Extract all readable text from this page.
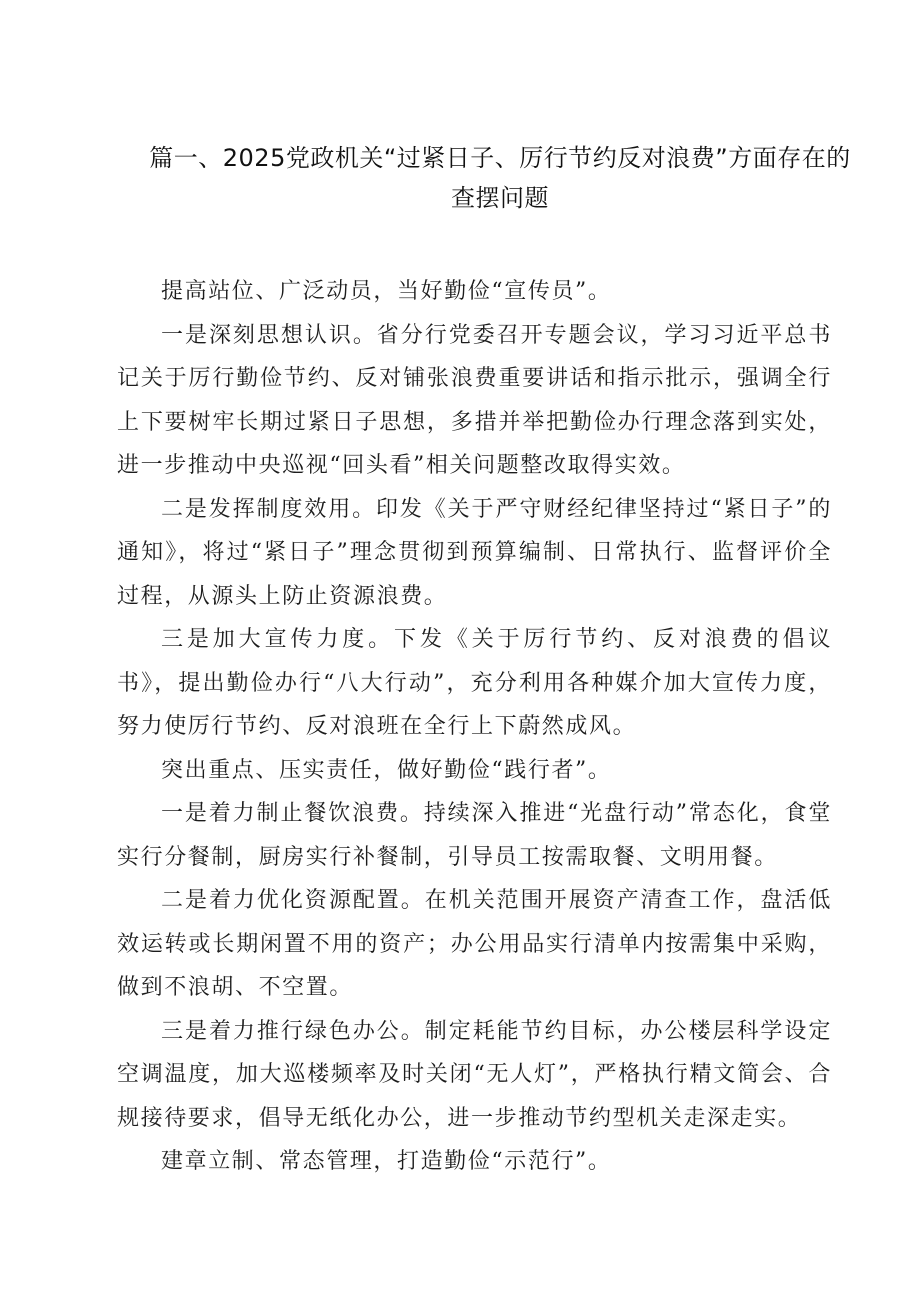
篇一、2025党政机关“过紧日子、厉行节约反对浪费”方面存在的
查摆问题

提高站位、广泛动员，当好勤俭“宣传员”。

一是深刻思想认识。省分行党委召开专题会议，学习习近平总书记关于厉行勤俭节约、反对铺张浪费重要讲话和指示批示，强调全行上下要树牢长期过紧日子思想，多措并举把勤俭办行理念落到实处，进一步推动中央巡视“回头看”相关问题整改取得实效。

二是发挥制度效用。印发《关于严守财经纪律坚持过“紧日子”的通知》，将过“紧日子”理念贯彻到预算编制、日常执行、监督评价全过程，从源头上防止资源浪费。

三是加大宣传力度。下发《关于厉行节约、反对浪费的倡议书》，提出勤俭办行“八大行动”，充分利用各种媒介加大宣传力度，努力使厉行节约、反对浪班在全行上下蔚然成风。

突出重点、压实责任，做好勤俭“践行者”。

一是着力制止餐饮浪费。持续深入推进“光盘行动”常态化，食堂实行分餐制，厨房实行补餐制，引导员工按需取餐、文明用餐。

二是着力优化资源配置。在机关范围开展资产清查工作，盘活低效运转或长期闲置不用的资产；办公用品实行清单内按需集中采购，做到不浪胡、不空置。

三是着力推行绿色办公。制定耗能节约目标，办公楼层科学设定空调温度，加大巡楼频率及时关闭“无人灯”，严格执行精文简会、合规接待要求，倡导无纸化办公，进一步推动节约型机关走深走实。

建章立制、常态管理，打造勤俭“示范行”。
